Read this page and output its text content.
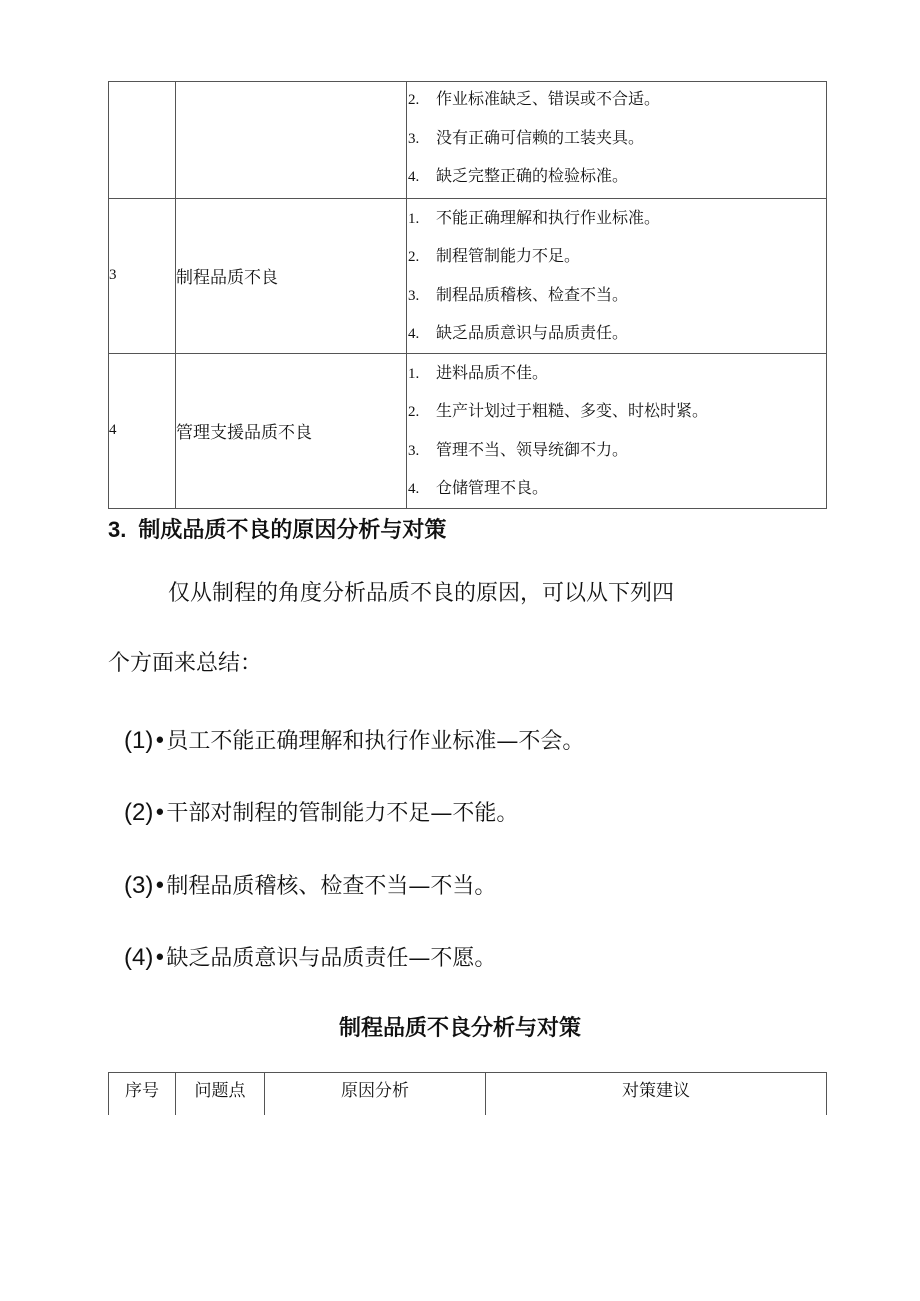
		2. 作业标准缺乏、错误或不合适。
3. 没有正确可信赖的工装夹具。
4. 缺乏完整正确的检验标准。

3	制程品质不良	1. 不能正确理解和执行作业标准。
2. 制程管制能力不足。
3. 制程品质稽核、检查不当。
4. 缺乏品质意识与品质责任。

4	管理支援品质不良	1. 进料品质不佳。
2. 生产计划过于粗糙、多变、时松时紧。
3. 管理不当、领导统御不力。
4. 仓储管理不良。
3. 制成品质不良的原因分析与对策
仅从制程的角度分析品质不良的原因，可以从下列四
个方面来总结：
(1)•员工不能正确理解和执行作业标准—不会。
(2)•干部对制程的管制能力不足—不能。
(3)•制程品质稽核、检查不当—不当。
(4)•缺乏品质意识与品质责任—不愿。
制程品质不良分析与对策
序号	问题点	原因分析	对策建议
